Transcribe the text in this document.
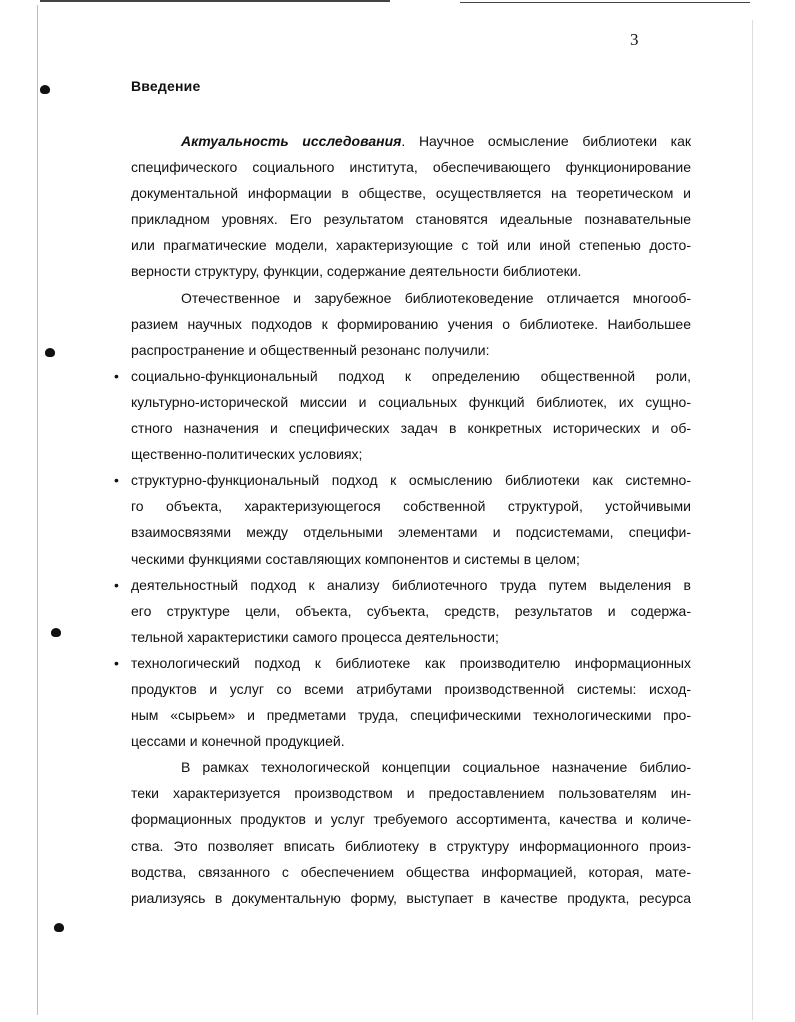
3
Введение
Актуальность исследования. Научное осмысление библиотеки как
специфического социального института, обеспечивающего функционирование
документальной информации в обществе, осуществляется на теоретическом и
прикладном уровнях. Его результатом становятся идеальные познавательные
или прагматические модели, характеризующие с той или иной степенью досто-
верности структуру, функции, содержание деятельности библиотеки.
Отечественное и зарубежное библиотековедение отличается многооб-
разием научных подходов к формированию учения о библиотеке. Наибольшее
распространение и общественный резонанс получили:
• социально-функциональный подход к определению общественной роли,
культурно-исторической миссии и социальных функций библиотек, их сущно-
стного назначения и специфических задач в конкретных исторических и об-
щественно-политических условиях;
• структурно-функциональный подход к осмыслению библиотеки как системно-
го объекта, характеризующегося собственной структурой, устойчивыми
взаимосвязями между отдельными элементами и подсистемами, специфи-
ческими функциями составляющих компонентов и системы в целом;
• деятельностный подход к анализу библиотечного труда путем выделения в
его структуре цели, объекта, субъекта, средств, результатов и содержа-
тельной характеристики самого процесса деятельности;
• технологический подход к библиотеке как производителю информационных
продуктов и услуг со всеми атрибутами производственной системы: исход-
ным «сырьем» и предметами труда, специфическими технологическими про-
цессами и конечной продукцией.
В рамках технологической концепции социальное назначение библио-
теки характеризуется производством и предоставлением пользователям ин-
формационных продуктов и услуг требуемого ассортимента, качества и количе-
ства. Это позволяет вписать библиотеку в структуру информационного произ-
водства, связанного с обеспечением общества информацией, которая, мате-
риализуясь в документальную форму, выступает в качестве продукта, ресурса
